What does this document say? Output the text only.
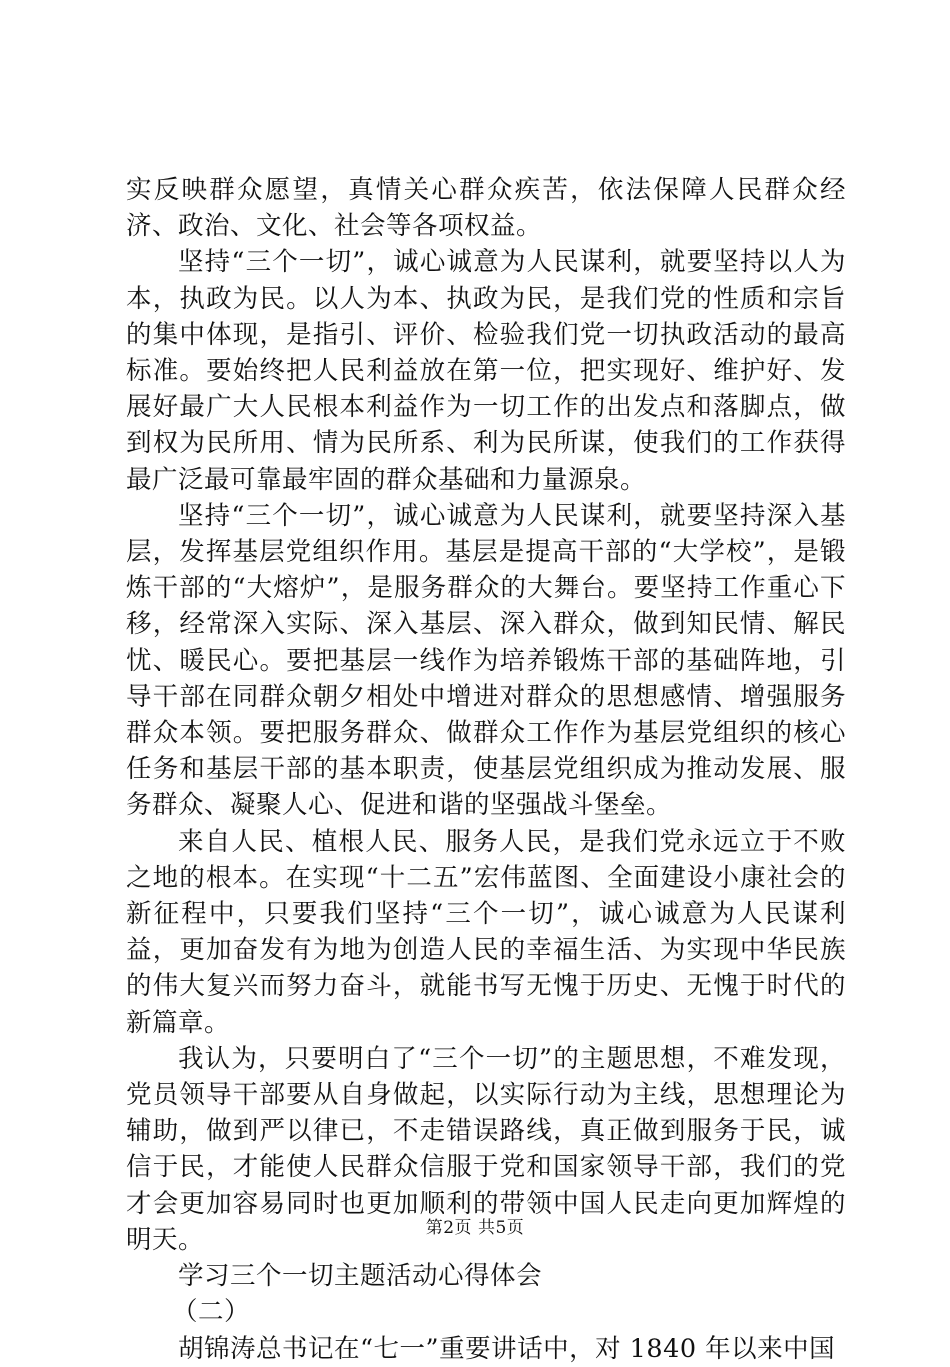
实反映群众愿望，真情关心群众疾苦，依法保障人民群众经济、政治、文化、社会等各项权益。

坚持“三个一切”，诚心诚意为人民谋利，就要坚持以人为本，执政为民。以人为本、执政为民，是我们党的性质和宗旨的集中体现，是指引、评价、检验我们党一切执政活动的最高标准。要始终把人民利益放在第一位，把实现好、维护好、发展好最广大人民根本利益作为一切工作的出发点和落脚点，做到权为民所用、情为民所系、利为民所谋，使我们的工作获得最广泛最可靠最牢固的群众基础和力量源泉。

坚持“三个一切”，诚心诚意为人民谋利，就要坚持深入基层，发挥基层党组织作用。基层是提高干部的“大学校”，是锻炼干部的“大熔炉”，是服务群众的大舞台。要坚持工作重心下移，经常深入实际、深入基层、深入群众，做到知民情、解民忧、暖民心。要把基层一线作为培养锻炼干部的基础阵地，引导干部在同群众朝夕相处中增进对群众的思想感情、增强服务群众本领。要把服务群众、做群众工作作为基层党组织的核心任务和基层干部的基本职责，使基层党组织成为推动发展、服务群众、凝聚人心、促进和谐的坚强战斗堡垒。

来自人民、植根人民、服务人民，是我们党永远立于不败之地的根本。在实现“十二五”宏伟蓝图、全面建设小康社会的新征程中，只要我们坚持“三个一切”，诚心诚意为人民谋利益，更加奋发有为地为创造人民的幸福生活、为实现中华民族的伟大复兴而努力奋斗，就能书写无愧于历史、无愧于时代的新篇章。

我认为，只要明白了“三个一切”的主题思想，不难发现，党员领导干部要从自身做起，以实际行动为主线，思想理论为辅助，做到严以律已，不走错误路线，真正做到服务于民，诚信于民，才能使人民群众信服于党和国家领导干部，我们的党才会更加容易同时也更加顺利的带领中国人民走向更加辉煌的明天。

学习三个一切主题活动心得体会

（二）

胡锦涛总书记在“七一”重要讲话中，对 1840 年以来中国

第2页 共5页
